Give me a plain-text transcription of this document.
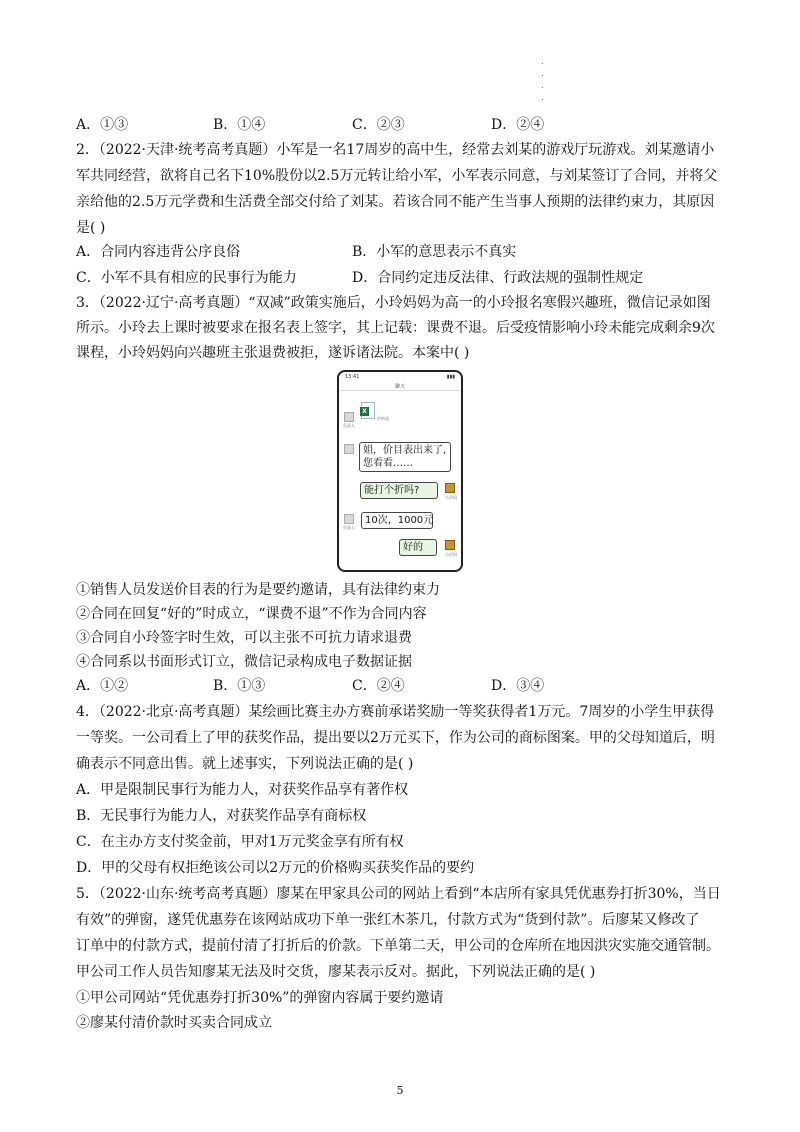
.
.
.
.
A．①③	B．①④	C．②③	D．②④
2．（2022·天津·统考高考真题）小军是一名17周岁的高中生，经常去刘某的游戏厅玩游戏。刘某邀请小
军共同经营，欲将自己名下10%股份以2.5万元转让给小军，小军表示同意，与刘某签订了合同，并将父
亲给他的2.5万元学费和生活费全部交付给了刘某。若该合同不能产生当事人预期的法律约束力，其原因
是( )
A．合同内容违背公序良俗	B．小军的意思表示不真实
C．小军不具有相应的民事行为能力	D．合同约定违反法律、行政法规的强制性规定
3．（2022·辽宁·高考真题）“双减”政策实施后，小玲妈妈为高一的小玲报名寒假兴趣班，微信记录如图
所示。小玲去上课时被要求在报名表上签字，其上记载：课费不退。后受疫情影响小玲未能完成剩余9次
课程，小玲妈妈向兴趣班主张退费被拒，遂诉诸法院。本案中( )
13:41	▮▮▮
聊天
负责人
X
价格表
姐，价目表出来了,您看看……
能打个折吗?
小玲妈
负责人
10次，1000元
好的
小玲妈
①销售人员发送价目表的行为是要约邀请，具有法律约束力
②合同在回复“好的”时成立，“课费不退”不作为合同内容
③合同自小玲签字时生效，可以主张不可抗力请求退费
④合同系以书面形式订立，微信记录构成电子数据证据
A．①②	B．①③	C．②④	D．③④
4．（2022·北京·高考真题）某绘画比赛主办方赛前承诺奖励一等奖获得者1万元。7周岁的小学生甲获得
一等奖。一公司看上了甲的获奖作品，提出要以2万元买下，作为公司的商标图案。甲的父母知道后，明
确表示不同意出售。就上述事实，下列说法正确的是( )
A．甲是限制民事行为能力人，对获奖作品享有著作权
B．无民事行为能力人，对获奖作品享有商标权
C．在主办方支付奖金前，甲对1万元奖金享有所有权
D．甲的父母有权拒绝该公司以2万元的价格购买获奖作品的要约
5．（2022·山东·统考高考真题）廖某在甲家具公司的网站上看到“本店所有家具凭优惠券打折30%，当日
有效”的弹窗，遂凭优惠券在该网站成功下单一张红木茶几，付款方式为“货到付款”。后廖某又修改了
订单中的付款方式，提前付清了打折后的价款。下单第二天，甲公司的仓库所在地因洪灾实施交通管制。
甲公司工作人员告知廖某无法及时交货，廖某表示反对。据此，下列说法正确的是( )
①甲公司网站“凭优惠券打折30%”的弹窗内容属于要约邀请
②廖某付清价款时买卖合同成立
5
